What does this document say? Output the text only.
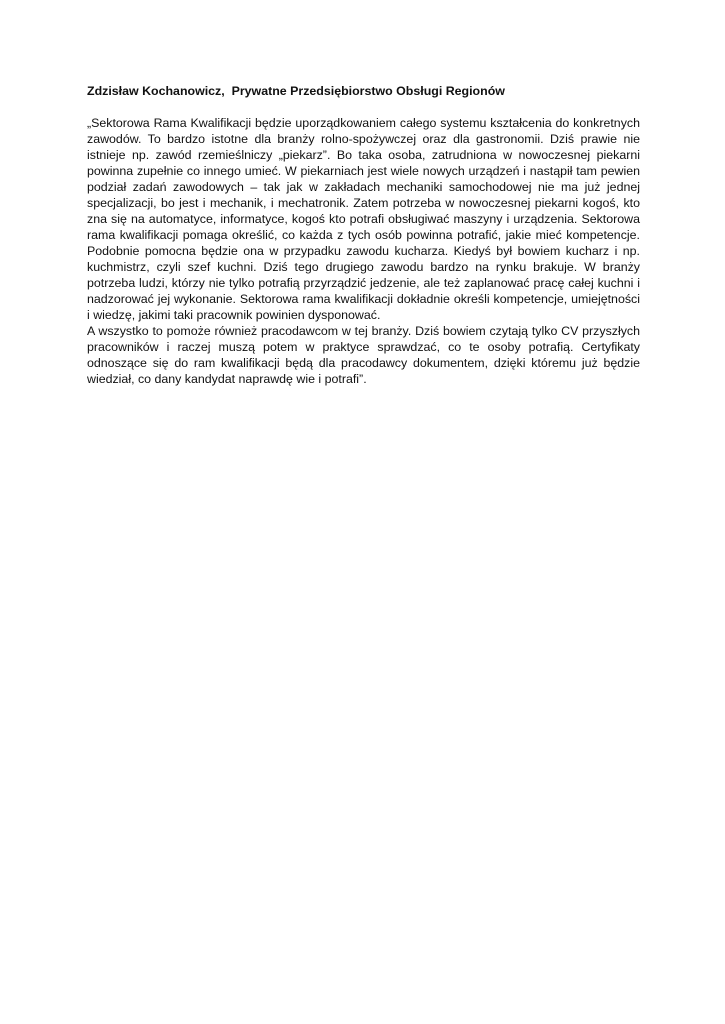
Zdzisław Kochanowicz,  Prywatne Przedsiębiorstwo Obsługi Regionów

„Sektorowa Rama Kwalifikacji będzie uporządkowaniem całego systemu kształcenia do konkretnych zawodów. To bardzo istotne dla branży rolno-spożywczej oraz dla gastronomii. Dziś prawie nie istnieje np. zawód rzemieślniczy „piekarz”. Bo taka osoba, zatrudniona w nowoczesnej piekarni powinna zupełnie co innego umieć. W piekarniach jest wiele nowych urządzeń i nastąpił tam pewien podział zadań zawodowych – tak jak w zakładach mechaniki samochodowej nie ma już jednej specjalizacji, bo jest i mechanik, i mechatronik. Zatem potrzeba w nowoczesnej piekarni kogoś, kto zna się na automatyce, informatyce, kogoś kto potrafi obsługiwać maszyny i urządzenia. Sektorowa rama kwalifikacji pomaga określić, co każda z tych osób powinna potrafić, jakie mieć kompetencje. Podobnie pomocna będzie ona w przypadku zawodu kucharza. Kiedyś był bowiem kucharz i np. kuchmistrz, czyli szef kuchni. Dziś tego drugiego zawodu bardzo na rynku brakuje. W branży potrzeba ludzi, którzy nie tylko potrafią przyrządzić jedzenie, ale też zaplanować pracę całej kuchni i nadzorować jej wykonanie. Sektorowa rama kwalifikacji dokładnie określi kompetencje, umiejętności i wiedzę, jakimi taki pracownik powinien dysponować.

A wszystko to pomoże również pracodawcom w tej branży. Dziś bowiem czytają tylko CV przyszłych pracowników i raczej muszą potem w praktyce sprawdzać, co te osoby potrafią. Certyfikaty odnoszące się do ram kwalifikacji będą dla pracodawcy dokumentem, dzięki któremu już będzie wiedział, co dany kandydat naprawdę wie i potrafi”.
